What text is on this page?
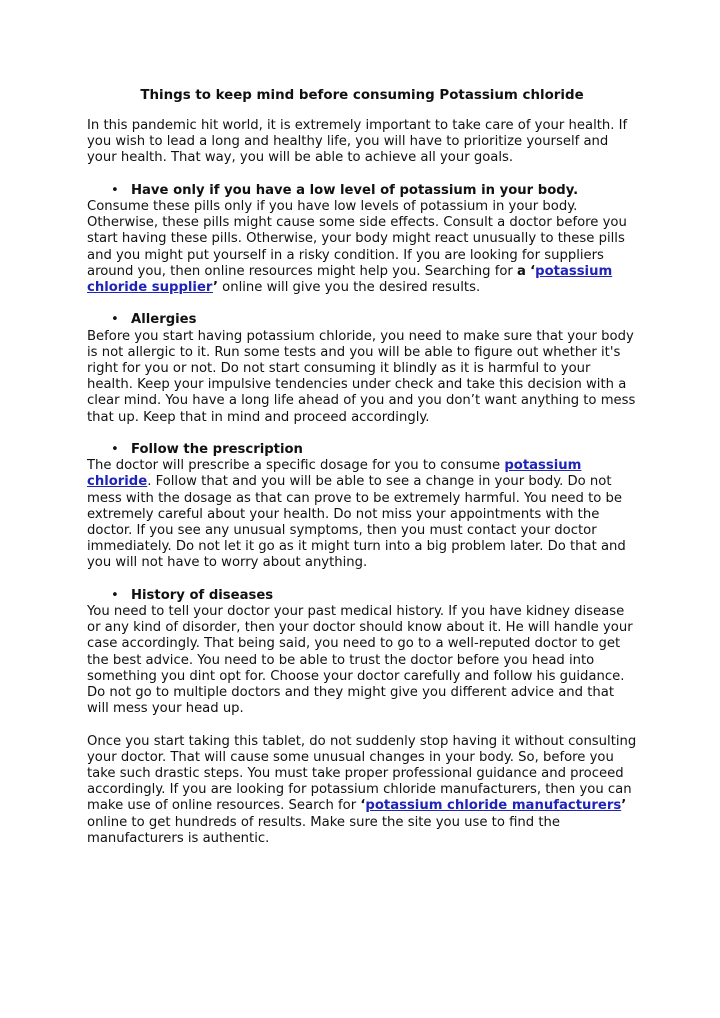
Things to keep mind before consuming Potassium chloride

In this pandemic hit world, it is extremely important to take care of your health. If you wish to lead a long and healthy life, you will have to prioritize yourself and your health. That way, you will be able to achieve all your goals.

• Have only if you have a low level of potassium in your body.

Consume these pills only if you have low levels of potassium in your body. Otherwise, these pills might cause some side effects. Consult a doctor before you start having these pills. Otherwise, your body might react unusually to these pills and you might put yourself in a risky condition. If you are looking for suppliers around you, then online resources might help you. Searching for a ‘potassium chloride supplier’ online will give you the desired results.

• Allergies

Before you start having potassium chloride, you need to make sure that your body is not allergic to it. Run some tests and you will be able to figure out whether it's right for you or not. Do not start consuming it blindly as it is harmful to your health. Keep your impulsive tendencies under check and take this decision with a clear mind. You have a long life ahead of you and you don’t want anything to mess that up. Keep that in mind and proceed accordingly.

• Follow the prescription

The doctor will prescribe a specific dosage for you to consume potassium chloride. Follow that and you will be able to see a change in your body. Do not mess with the dosage as that can prove to be extremely harmful. You need to be extremely careful about your health. Do not miss your appointments with the doctor. If you see any unusual symptoms, then you must contact your doctor immediately. Do not let it go as it might turn into a big problem later. Do that and you will not have to worry about anything.

• History of diseases

You need to tell your doctor your past medical history. If you have kidney disease or any kind of disorder, then your doctor should know about it. He will handle your case accordingly. That being said, you need to go to a well-reputed doctor to get the best advice. You need to be able to trust the doctor before you head into something you dint opt for. Choose your doctor carefully and follow his guidance. Do not go to multiple doctors and they might give you different advice and that will mess your head up.

Once you start taking this tablet, do not suddenly stop having it without consulting your doctor. That will cause some unusual changes in your body. So, before you take such drastic steps. You must take proper professional guidance and proceed accordingly. If you are looking for potassium chloride manufacturers, then you can make use of online resources. Search for ‘potassium chloride manufacturers’ online to get hundreds of results. Make sure the site you use to find the manufacturers is authentic.
